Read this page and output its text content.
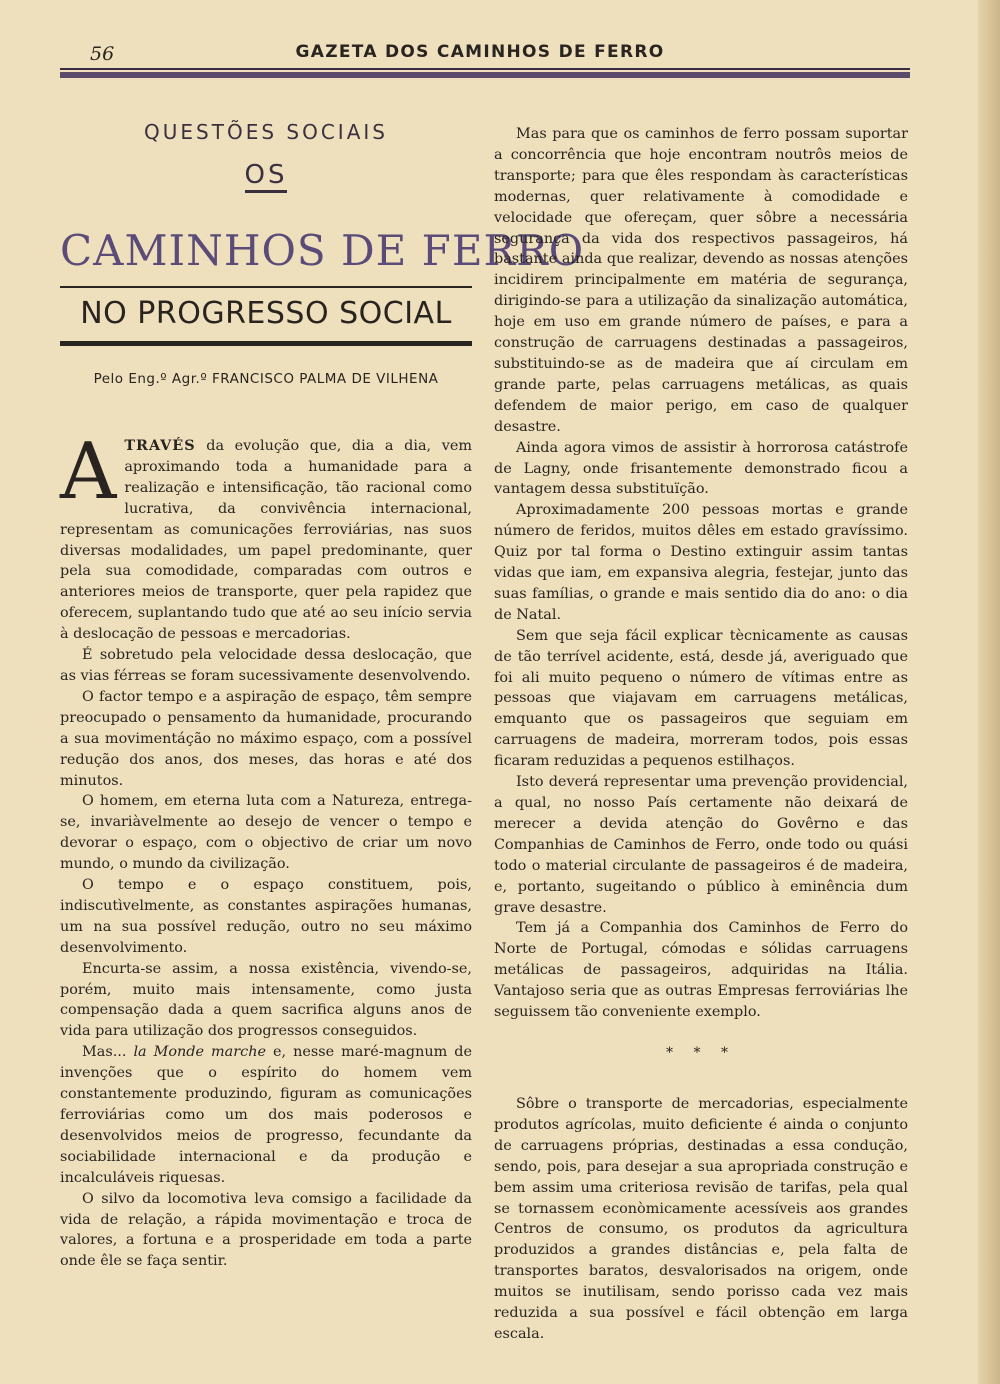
56	GAZETA DOS CAMINHOS DE FERRO
QUESTÕES SOCIAIS
OS
CAMINHOS DE FERRO
NO PROGRESSO SOCIAL
Pelo Eng.º Agr.º FRANCISCO PALMA DE VILHENA

ATRAVÉS da evolução que, dia a dia, vem aproximando toda a humanidade para a realização e intensificação, tão racional como lucrativa, da convivência internacional, representam as comunicações ferroviárias, nas suos diversas modalidades, um papel predominante, quer pela sua comodidade, comparadas com outros e anteriores meios de transporte, quer pela rapidez que oferecem, suplantando tudo que até ao seu início servia à deslocação de pessoas e mercadorias.

É sobretudo pela velocidade dessa deslocação, que as vias férreas se foram sucessivamente desenvolvendo.

O factor tempo e a aspiração de espaço, têm sempre preocupado o pensamento da humanidade, procurando a sua movimentáção no máximo espaço, com a possível redução dos anos, dos meses, das horas e até dos minutos.

O homem, em eterna luta com a Natureza, entrega-se, invariàvelmente ao desejo de vencer o tempo e devorar o espaço, com o objectivo de criar um novo mundo, o mundo da civilização.

O tempo e o espaço constituem, pois, indiscutìvelmente, as constantes aspirações humanas, um na sua possível redução, outro no seu máximo desenvolvimento.

Encurta-se assim, a nossa existência, vivendo-se, porém, muito mais intensamente, como justa compensação dada a quem sacrifica alguns anos de vida para utilização dos progressos conseguidos.

Mas... la Monde marche e, nesse maré-magnum de invenções que o espírito do homem vem constantemente produzindo, figuram as comunicações ferroviárias como um dos mais poderosos e desenvolvidos meios de progresso, fecundante da sociabilidade internacional e da produção e incalculáveis riquesas.

O silvo da locomotiva leva comsigo a facilidade da vida de relação, a rápida movimentação e troca de valores, a fortuna e a prosperidade em toda a parte onde êle se faça sentir.

Mas para que os caminhos de ferro possam suportar a concorrência que hoje encontram noutrôs meios de transporte; para que êles respondam às características modernas, quer relativamente à comodidade e velocidade que ofereçam, quer sôbre a necessária segurança da vida dos respectivos passageiros, há bastante ainda que realizar, devendo as nossas atenções incidirem principalmente em matéria de segurança, dirigindo-se para a utilização da sinalização automática, hoje em uso em grande número de países, e para a construção de carruagens destinadas a passageiros, substituindo-se as de madeira que aí circulam em grande parte, pelas carruagens metálicas, as quais defendem de maior perigo, em caso de qualquer desastre.

Ainda agora vimos de assistir à horrorosa catástrofe de Lagny, onde frisantemente demonstrado ficou a vantagem dessa substituïção.

Aproximadamente 200 pessoas mortas e grande número de feridos, muitos dêles em estado gravíssimo. Quiz por tal forma o Destino extinguir assim tantas vidas que iam, em expansiva alegria, festejar, junto das suas famílias, o grande e mais sentido dia do ano: o dia de Natal.

Sem que seja fácil explicar tècnicamente as causas de tão terrível acidente, está, desde já, averiguado que foi ali muito pequeno o número de vítimas entre as pessoas que viajavam em carruagens metálicas, emquanto que os passageiros que seguiam em carruagens de madeira, morreram todos, pois essas ficaram reduzidas a pequenos estilhaços.

Isto deverá representar uma prevenção providencial, a qual, no nosso País certamente não deixará de merecer a devida atenção do Govêrno e das Companhias de Caminhos de Ferro, onde todo ou quási todo o material circulante de passageiros é de madeira, e, portanto, sugeitando o público à eminência dum grave desastre.

Tem já a Companhia dos Caminhos de Ferro do Norte de Portugal, cómodas e sólidas carruagens metálicas de passageiros, adquiridas na Itália. Vantajoso seria que as outras Empresas ferroviárias lhe seguissem tão conveniente exemplo.

* * *

Sôbre o transporte de mercadorias, especialmente produtos agrícolas, muito deficiente é ainda o conjunto de carruagens próprias, destinadas a essa condução, sendo, pois, para desejar a sua apropriada construção e bem assim uma criteriosa revisão de tarifas, pela qual se tornassem econòmicamente acessíveis aos grandes Centros de consumo, os produtos da agricultura produzidos a grandes distâncias e, pela falta de transportes baratos, desvalorisados na origem, onde muitos se inutilisam, sendo porisso cada vez mais reduzida a sua possível e fácil obtenção em larga escala.
